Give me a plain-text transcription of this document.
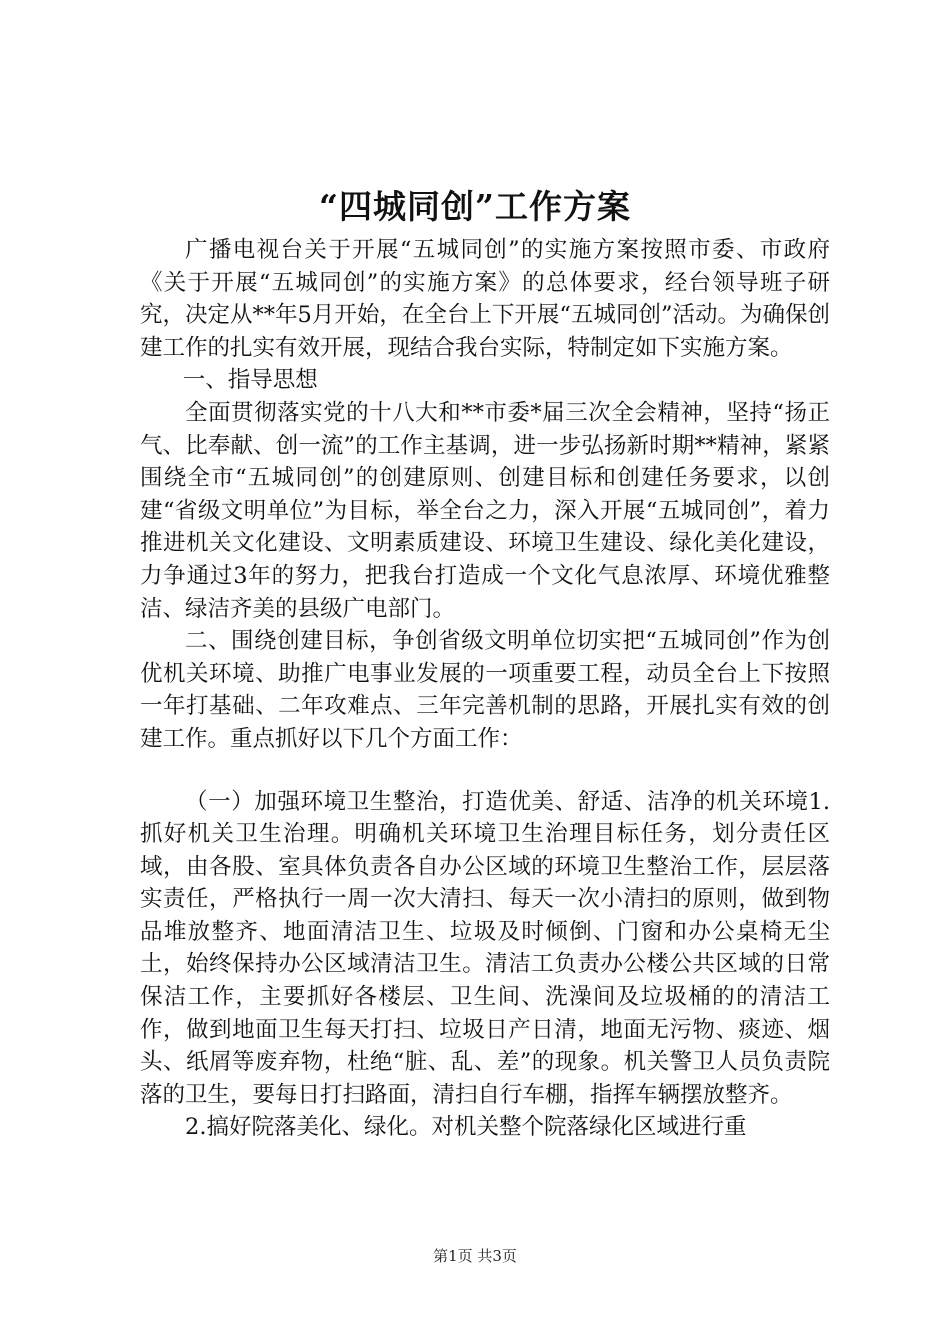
“四城同创”工作方案

广播电视台关于开展“五城同创”的实施方案按照市委、市政府《关于开展“五城同创”的实施方案》的总体要求，经台领导班子研究，决定从**年5月开始，在全台上下开展“五城同创”活动。为确保创建工作的扎实有效开展，现结合我台实际，特制定如下实施方案。

一、指导思想

全面贯彻落实党的十八大和**市委*届三次全会精神，坚持“扬正气、比奉献、创一流”的工作主基调，进一步弘扬新时期**精神，紧紧围绕全市“五城同创”的创建原则、创建目标和创建任务要求，以创建“省级文明单位”为目标，举全台之力，深入开展“五城同创”，着力推进机关文化建设、文明素质建设、环境卫生建设、绿化美化建设，力争通过3年的努力，把我台打造成一个文化气息浓厚、环境优雅整洁、绿洁齐美的县级广电部门。

二、围绕创建目标，争创省级文明单位切实把“五城同创”作为创优机关环境、助推广电事业发展的一项重要工程，动员全台上下按照一年打基础、二年攻难点、三年完善机制的思路，开展扎实有效的创建工作。重点抓好以下几个方面工作：

（一）加强环境卫生整治，打造优美、舒适、洁净的机关环境1.抓好机关卫生治理。明确机关环境卫生治理目标任务，划分责任区域，由各股、室具体负责各自办公区域的环境卫生整治工作，层层落实责任，严格执行一周一次大清扫、每天一次小清扫的原则，做到物品堆放整齐、地面清洁卫生、垃圾及时倾倒、门窗和办公桌椅无尘土，始终保持办公区域清洁卫生。清洁工负责办公楼公共区域的日常保洁工作，主要抓好各楼层、卫生间、洗澡间及垃圾桶的的清洁工作，做到地面卫生每天打扫、垃圾日产日清，地面无污物、痰迹、烟头、纸屑等废弃物，杜绝“脏、乱、差”的现象。机关警卫人员负责院落的卫生，要每日打扫路面，清扫自行车棚，指挥车辆摆放整齐。

2.搞好院落美化、绿化。对机关整个院落绿化区域进行重

第1页 共3页
